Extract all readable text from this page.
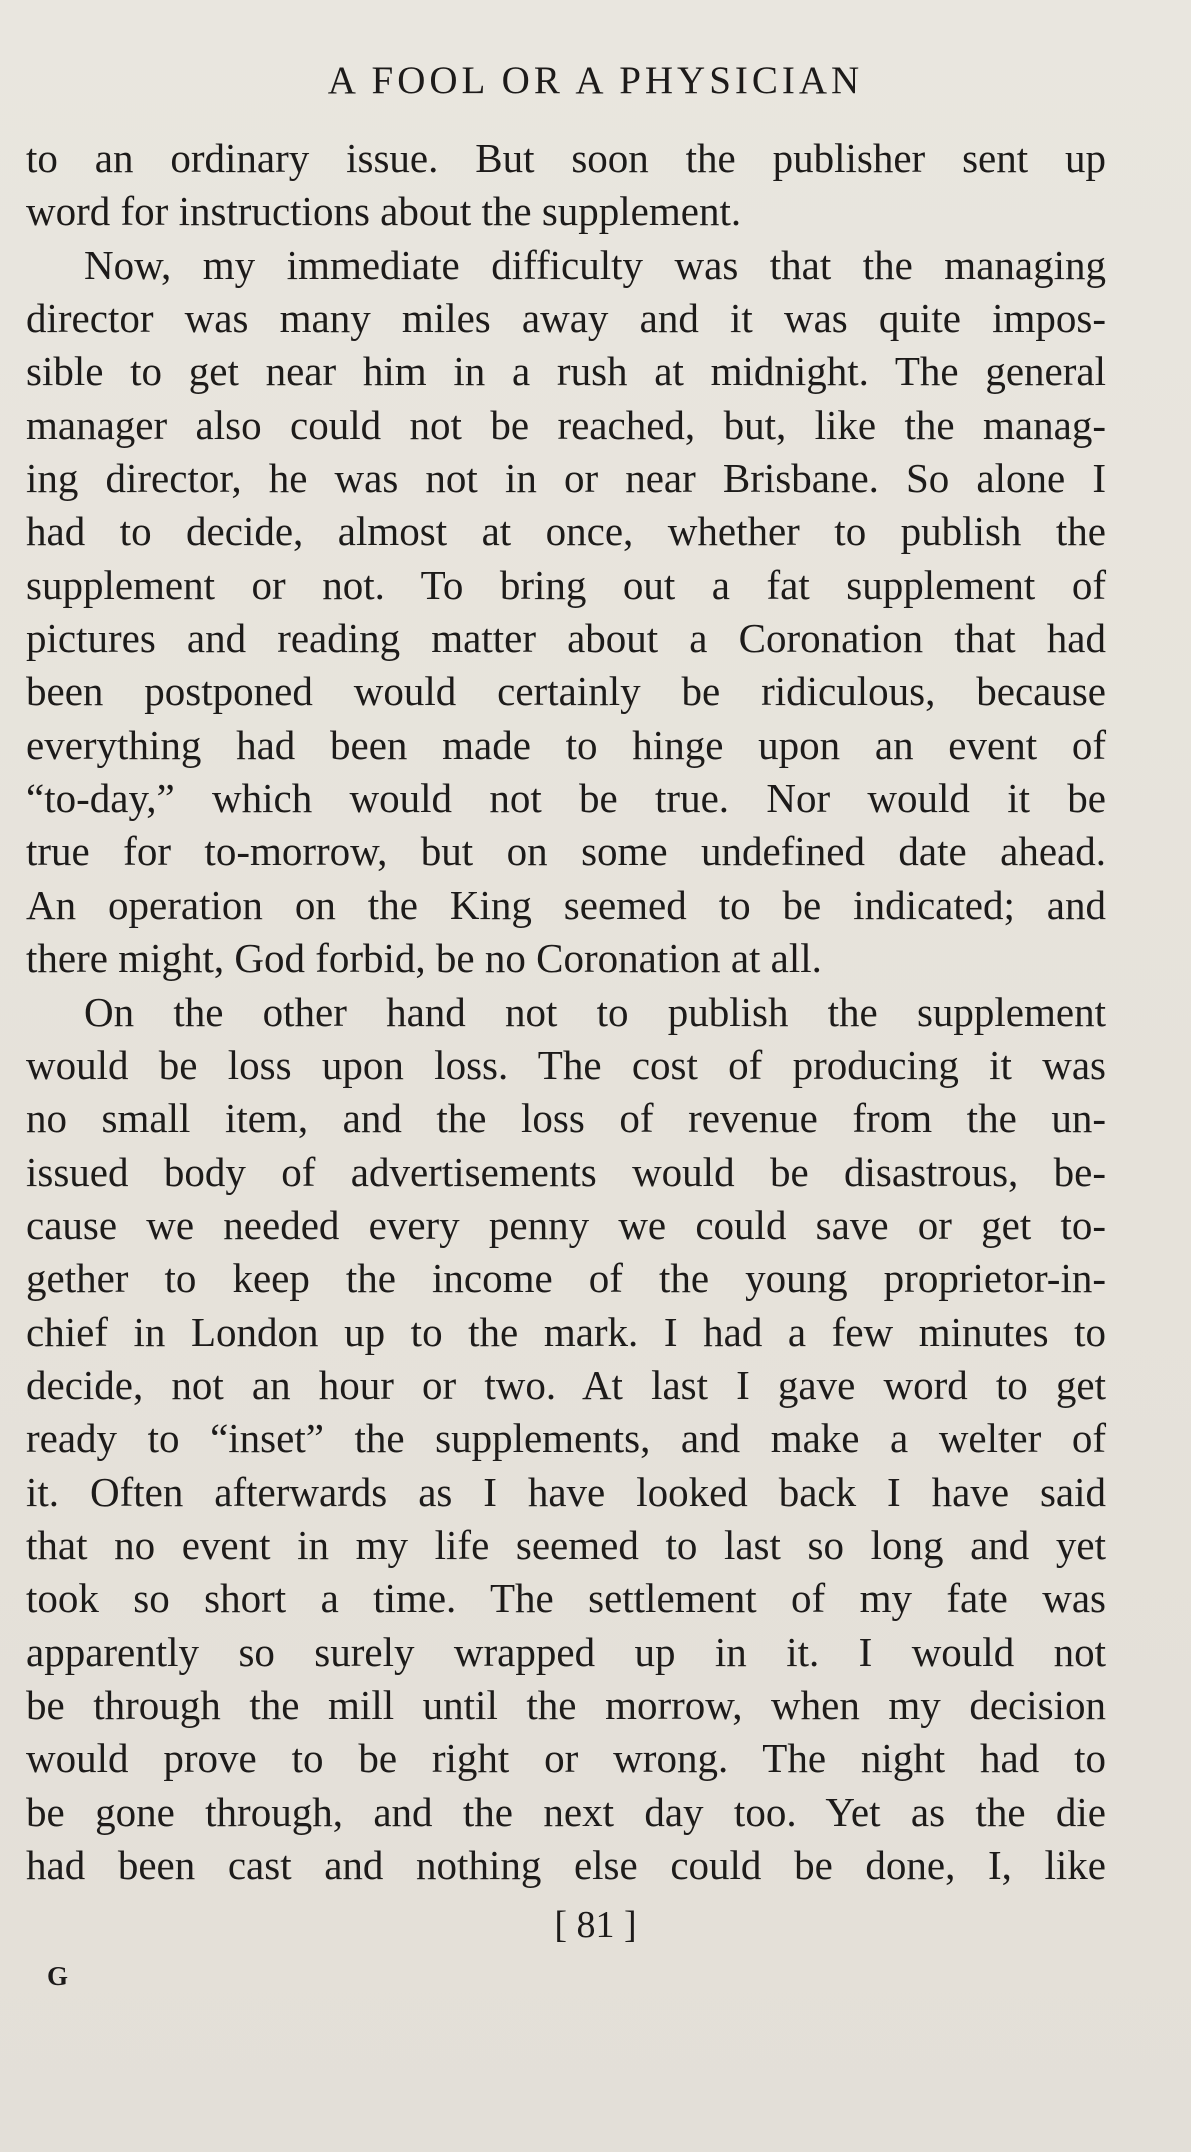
A FOOL OR A PHYSICIAN
to an ordinary issue. But soon the publisher sent up
word for instructions about the supplement.
Now, my immediate difficulty was that the managing
director was many miles away and it was quite impos-
sible to get near him in a rush at midnight. The general
manager also could not be reached, but, like the manag-
ing director, he was not in or near Brisbane. So alone I
had to decide, almost at once, whether to publish the
supplement or not. To bring out a fat supplement of
pictures and reading matter about a Coronation that had
been postponed would certainly be ridiculous, because
everything had been made to hinge upon an event of
“to-day,” which would not be true. Nor would it be
true for to-morrow, but on some undefined date ahead.
An operation on the King seemed to be indicated; and
there might, God forbid, be no Coronation at all.
On the other hand not to publish the supplement
would be loss upon loss. The cost of producing it was
no small item, and the loss of revenue from the un-
issued body of advertisements would be disastrous, be-
cause we needed every penny we could save or get to-
gether to keep the income of the young proprietor-in-
chief in London up to the mark. I had a few minutes to
decide, not an hour or two. At last I gave word to get
ready to “inset” the supplements, and make a welter of
it. Often afterwards as I have looked back I have said
that no event in my life seemed to last so long and yet
took so short a time. The settlement of my fate was
apparently so surely wrapped up in it. I would not
be through the mill until the morrow, when my decision
would prove to be right or wrong. The night had to
be gone through, and the next day too. Yet as the die
had been cast and nothing else could be done, I, like
[ 81 ]
G
